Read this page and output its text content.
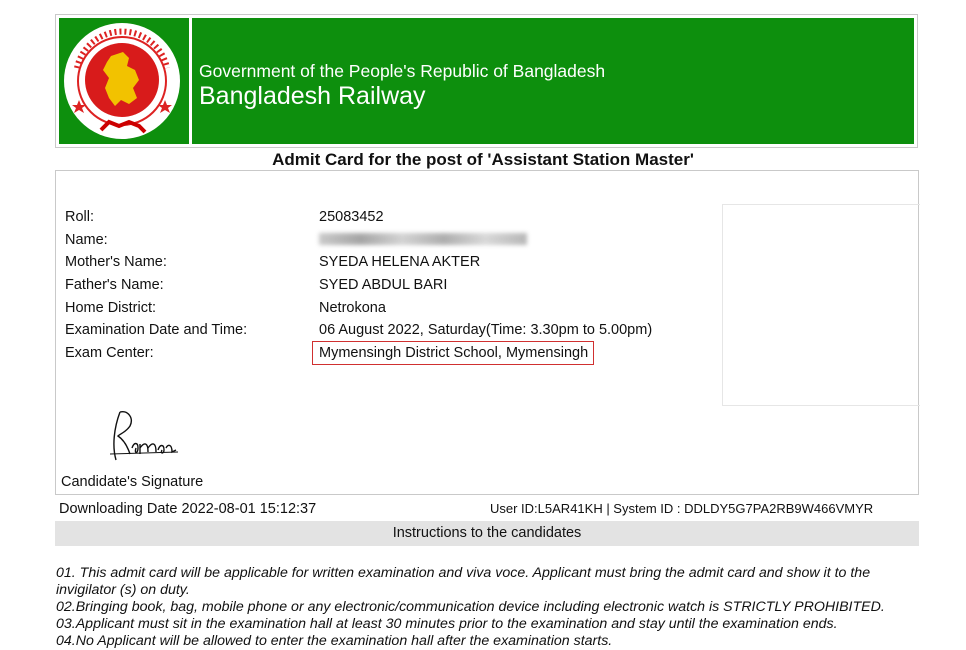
Government of the People's Republic of Bangladesh
Bangladesh Railway
Admit Card for the post of 'Assistant Station Master'
Roll:	25083452
Name:
Mother's Name:	SYEDA HELENA AKTER
Father's Name:	SYED ABDUL BARI
Home District:	Netrokona
Examination Date and Time:	06 August 2022, Saturday(Time: 3.30pm to 5.00pm)
Exam Center:	Mymensingh District School, Mymensingh
Candidate's Signature
Downloading Date 2022-08-01 15:12:37	User ID:L5AR41KH | System ID : DDLDY5G7PA2RB9W466VMYR
Instructions to the candidates

01. This admit card will be applicable for written examination and viva voce. Applicant must bring the admit card and show it to the invigilator (s) on duty.

02.Bringing book, bag, mobile phone or any electronic/communication device including electronic watch is STRICTLY PROHIBITED.

03.Applicant must sit in the examination hall at least 30 minutes prior to the examination and stay until the examination ends.

04.No Applicant will be allowed to enter the examination hall after the examination starts.
